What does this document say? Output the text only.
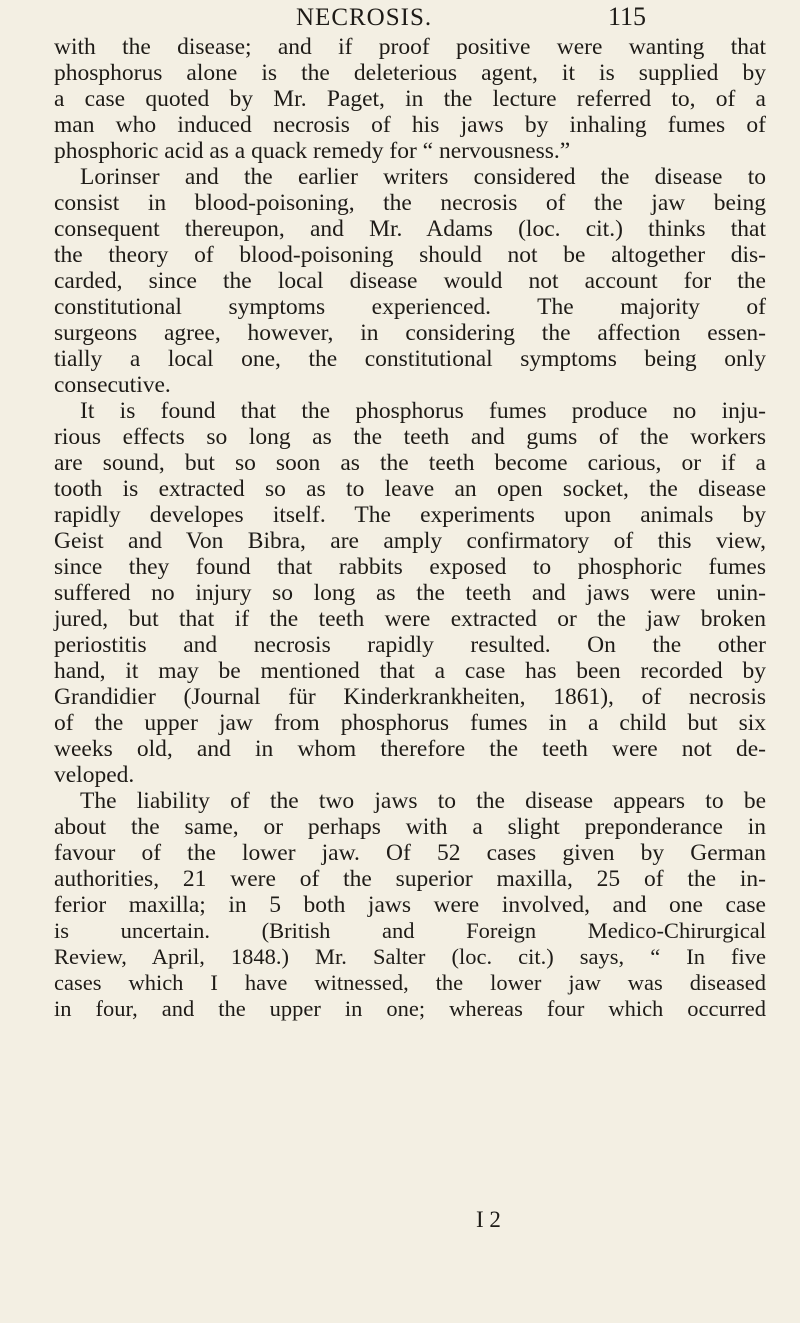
NECROSIS.	115
with the disease; and if proof positive were wanting that
phosphorus alone is the deleterious agent, it is supplied by
a case quoted by Mr. Paget, in the lecture referred to, of a
man who induced necrosis of his jaws by inhaling fumes of
phosphoric acid as a quack remedy for “ nervousness.”
Lorinser and the earlier writers considered the disease to
consist in blood-poisoning, the necrosis of the jaw being
consequent thereupon, and Mr. Adams (loc. cit.) thinks that
the theory of blood-poisoning should not be altogether dis-
carded, since the local disease would not account for the
constitutional symptoms experienced. The majority of
surgeons agree, however, in considering the affection essen-
tially a local one, the constitutional symptoms being only
consecutive.
It is found that the phosphorus fumes produce no inju-
rious effects so long as the teeth and gums of the workers
are sound, but so soon as the teeth become carious, or if a
tooth is extracted so as to leave an open socket, the disease
rapidly developes itself. The experiments upon animals by
Geist and Von Bibra, are amply confirmatory of this view,
since they found that rabbits exposed to phosphoric fumes
suffered no injury so long as the teeth and jaws were unin-
jured, but that if the teeth were extracted or the jaw broken
periostitis and necrosis rapidly resulted. On the other
hand, it may be mentioned that a case has been recorded by
Grandidier (Journal für Kinderkrankheiten, 1861), of necrosis
of the upper jaw from phosphorus fumes in a child but six
weeks old, and in whom therefore the teeth were not de-
veloped.
The liability of the two jaws to the disease appears to be
about the same, or perhaps with a slight preponderance in
favour of the lower jaw. Of 52 cases given by German
authorities, 21 were of the superior maxilla, 25 of the in-
ferior maxilla; in 5 both jaws were involved, and one case
is uncertain. (British and Foreign Medico-Chirurgical
Review, April, 1848.) Mr. Salter (loc. cit.) says, “ In five
cases which I have witnessed, the lower jaw was diseased
in four, and the upper in one; whereas four which occurred
I 2
